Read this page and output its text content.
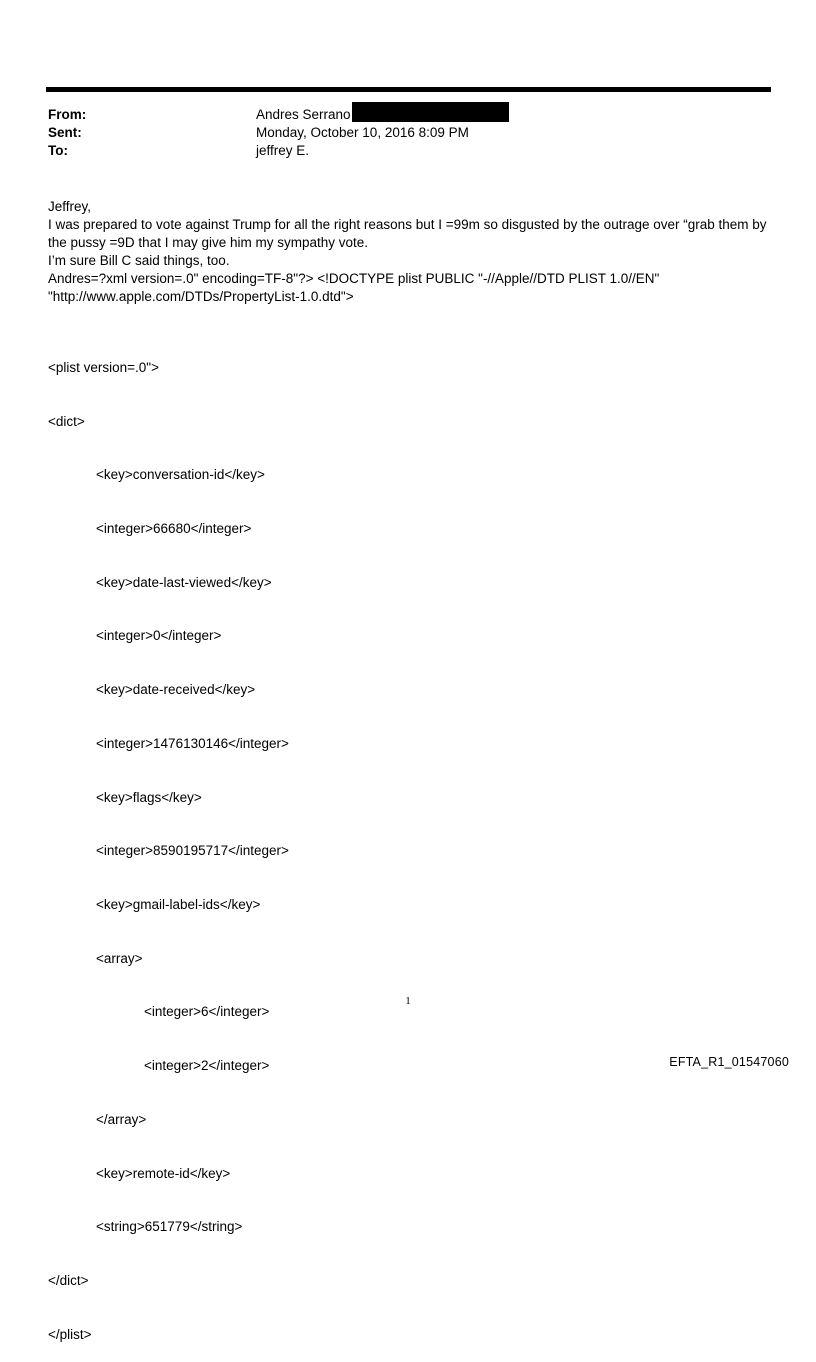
From:	Andres Serrano
Sent:	Monday, October 10, 2016 8:09 PM
To:	jeffrey E.

Jeffrey,

I was prepared to vote against Trump for all the right reasons but I =99m so disgusted by the outrage over “grab them by the pussy =9D that I may give him my sympathy vote.

I’m sure Bill C said things, too.

Andres=?xml version=.0" encoding=TF-8"?> <!DOCTYPE plist PUBLIC "-//Apple//DTD PLIST 1.0//EN"

"http://www.apple.com/DTDs/PropertyList-1.0.dtd">

<plist version=.0">

<dict>

<key>conversation-id</key>

<integer>66680</integer>

<key>date-last-viewed</key>

<integer>0</integer>

<key>date-received</key>

<integer>1476130146</integer>

<key>flags</key>

<integer>8590195717</integer>

<key>gmail-label-ids</key>

<array>

<integer>6</integer>

<integer>2</integer>

</array>

<key>remote-id</key>

<string>651779</string>

</dict>

</plist>

1
EFTA_R1_01547060
